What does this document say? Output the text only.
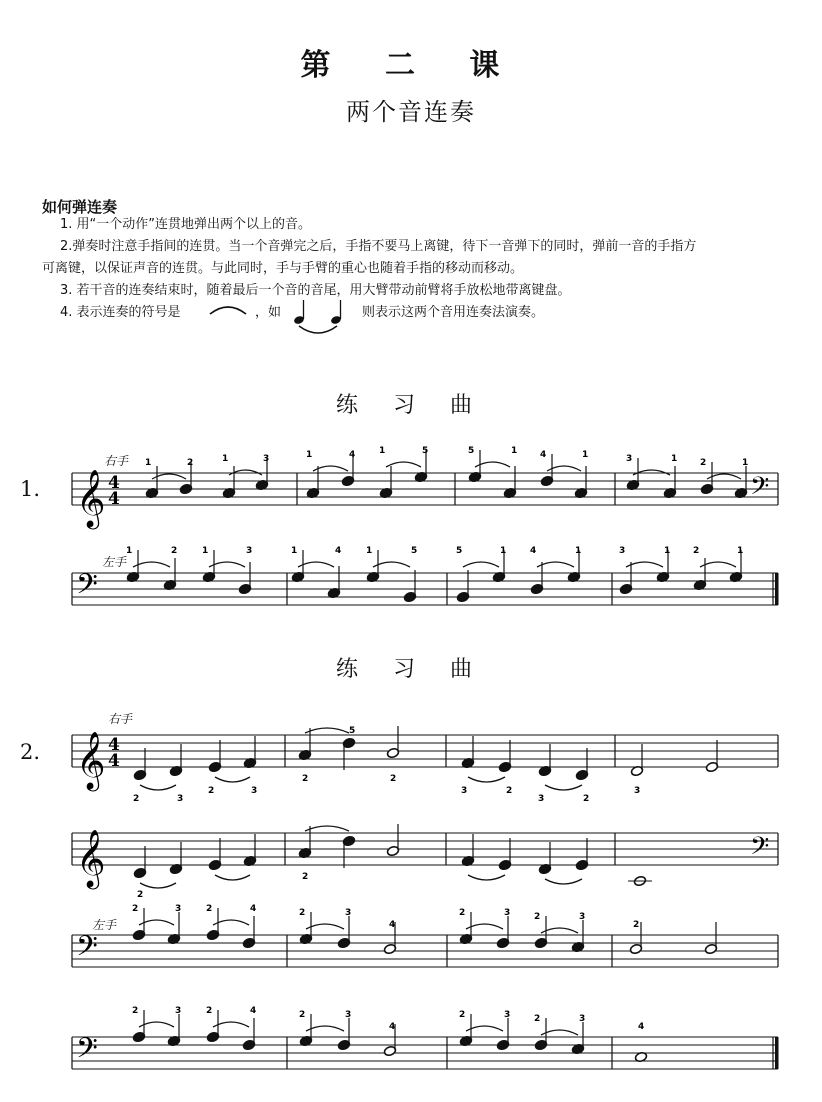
第 二 课
两个音连奏
如何弹连奏
1. 用“一个动作”连贯地弹出两个以上的音。
2.弹奏时注意手指间的连贯。当一个音弹完之后，手指不要马上离键，待下一音弹下的同时，弹前一音的手指方
可离键，以保证声音的连贯。与此同时，手与手臂的重心也随着手指的移动而移动。
3. 若干音的连奏结束时，随着最后一个音的音尾，用大臂带动前臂将手放松地带离键盘。
4. 表示连奏的符号是	，如	则表示这两个音用连奏法演奏。
练 习 曲
练 习 曲
1.
2.
右手
左手
右手
左手
𝄞 4
4	𝄢
1	2	1	3	1	4	1	5	5	1	4	1	3	1	2	1
𝄢
1	2	1	3	1	4	1	5	5	1	4	1	3	1	2	1
𝄞 4
4
2	3
2	3
2
5
2
3	2
3	2
3
𝄞	𝄢
2
2
𝄢
2	3	2	4	2	3
4
2	3	2	3
2
𝄢
2	3	2	4	2	3
4
2	3	2	3
4
